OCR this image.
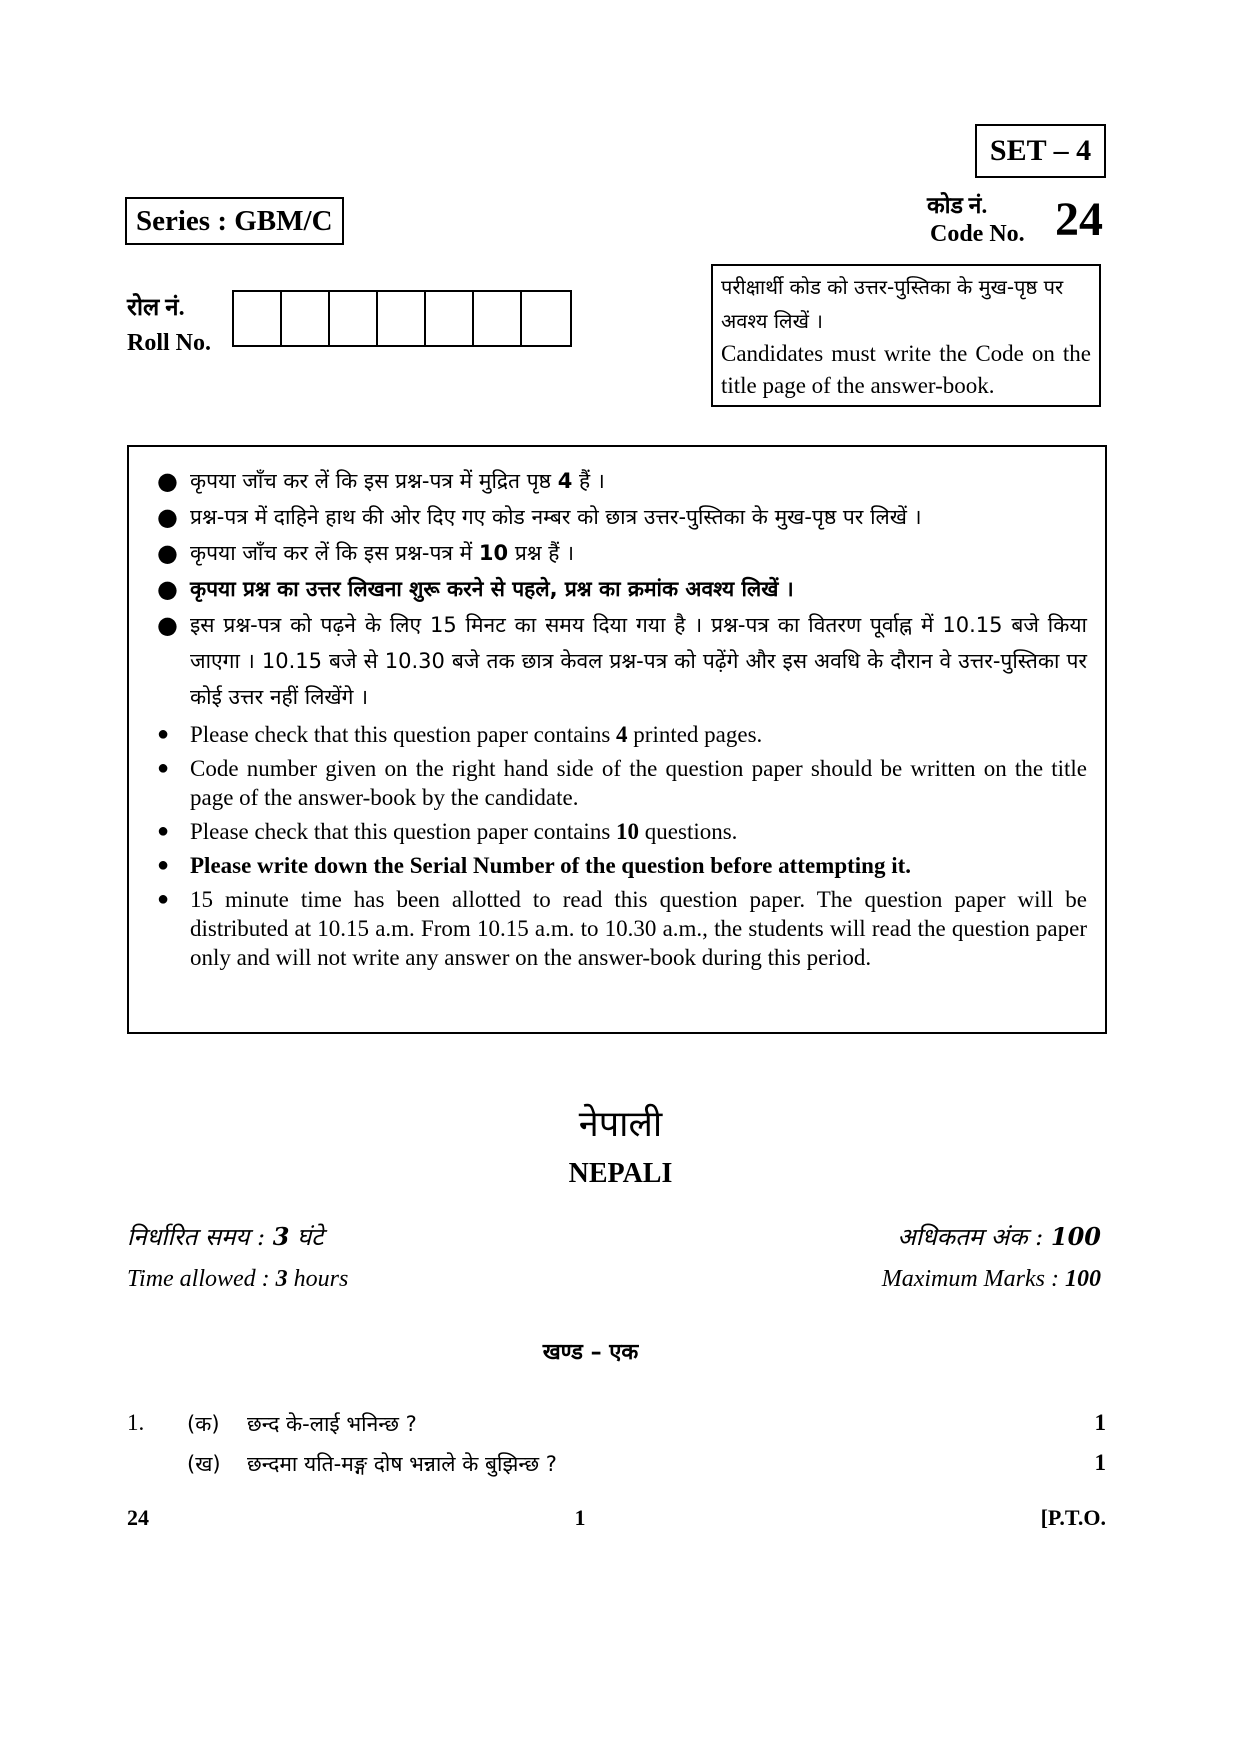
SET – 4
Series : GBM/C	कोड नं.
Code No. 24
रोल नं.
Roll No.

परीक्षार्थी कोड को उत्तर-पुस्तिका के मुख-पृष्ठ पर अवश्य लिखें ।

Candidates must write the Code on the title page of the answer-book.

● कृपया जाँच कर लें कि इस प्रश्न-पत्र में मुद्रित पृष्ठ 4 हैं ।
● प्रश्न-पत्र में दाहिने हाथ की ओर दिए गए कोड नम्बर को छात्र उत्तर-पुस्तिका के मुख-पृष्ठ पर लिखें ।
● कृपया जाँच कर लें कि इस प्रश्न-पत्र में 10 प्रश्न हैं ।
● कृपया प्रश्न का उत्तर लिखना शुरू करने से पहले, प्रश्न का क्रमांक अवश्य लिखें ।
● इस प्रश्न-पत्र को पढ़ने के लिए 15 मिनट का समय दिया गया है । प्रश्न-पत्र का वितरण पूर्वाह्न में 10.15 बजे किया जाएगा । 10.15 बजे से 10.30 बजे तक छात्र केवल प्रश्न-पत्र को पढ़ेंगे और इस अवधि के दौरान वे उत्तर-पुस्तिका पर कोई उत्तर नहीं लिखेंगे ।
● Please check that this question paper contains 4 printed pages.
● Code number given on the right hand side of the question paper should be written on the title page of the answer-book by the candidate.
● Please check that this question paper contains 10 questions.
● Please write down the Serial Number of the question before attempting it.
● 15 minute time has been allotted to read this question paper. The question paper will be distributed at 10.15 a.m. From 10.15 a.m. to 10.30 a.m., the students will read the question paper only and will not write any answer on the answer-book during this period.
नेपाली
NEPALI
निर्धारित समय : 3 घंटे
Time allowed : 3 hours
अधिकतम अंक : 100
Maximum Marks : 100
खण्ड – एक
1. (क) छन्द के-लाई भनिन्छ ?	1
(ख) छन्दमा यति-मङ्ग दोष भन्नाले के बुझिन्छ ?	1
24	1	[P.T.O.
